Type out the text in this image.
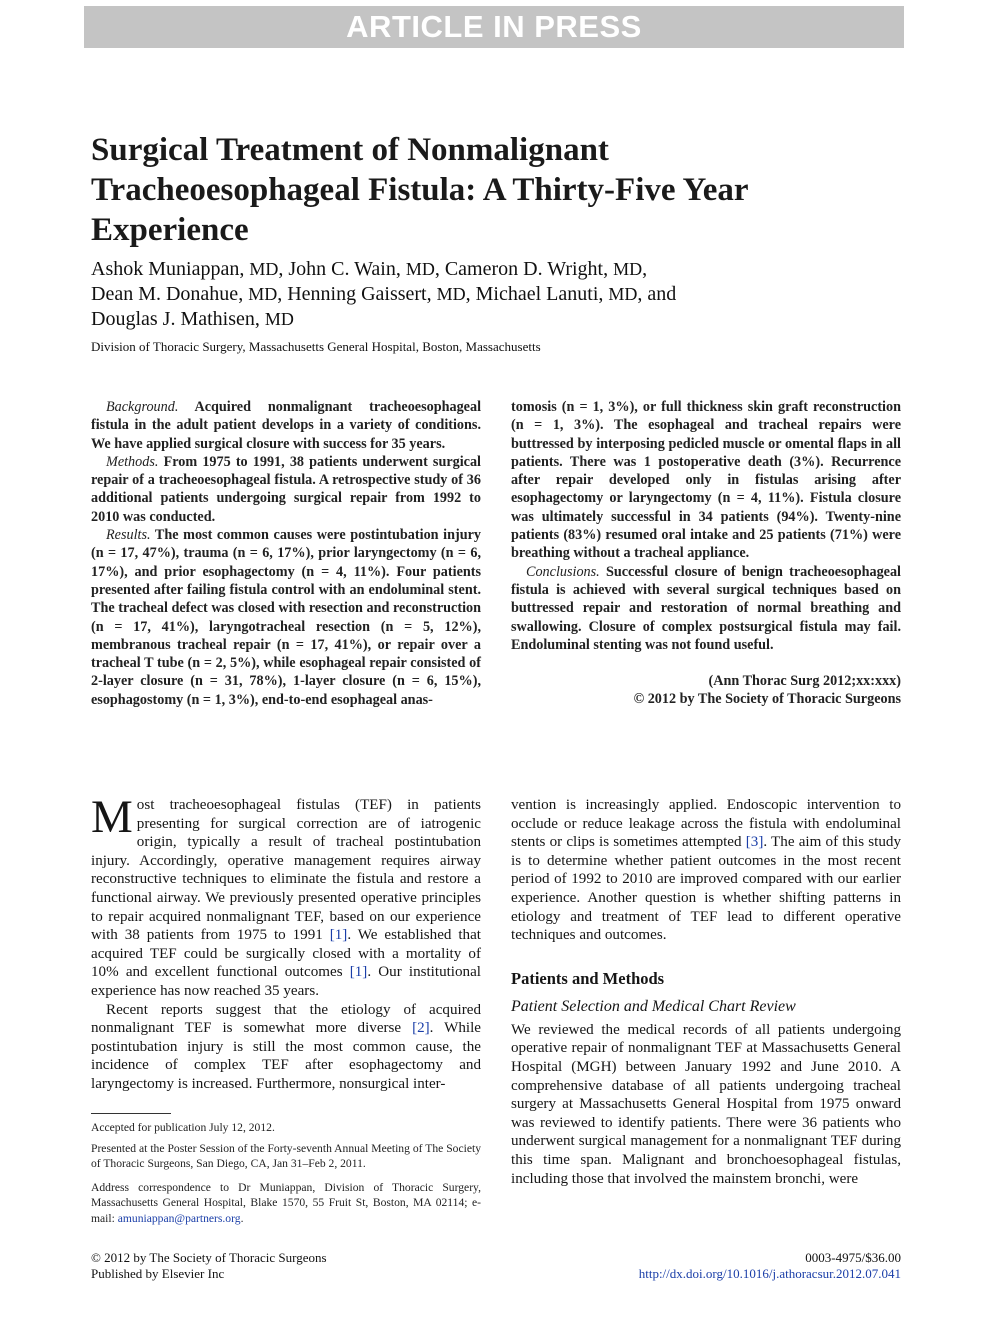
ARTICLE IN PRESS
Surgical Treatment of Nonmalignant Tracheoesophageal Fistula: A Thirty-Five Year Experience
Ashok Muniappan, MD, John C. Wain, MD, Cameron D. Wright, MD,
Dean M. Donahue, MD, Henning Gaissert, MD, Michael Lanuti, MD, and
Douglas J. Mathisen, MD
Division of Thoracic Surgery, Massachusetts General Hospital, Boston, Massachusetts

Background. Acquired nonmalignant tracheoesophageal fistula in the adult patient develops in a variety of conditions. We have applied surgical closure with success for 35 years.

Methods. From 1975 to 1991, 38 patients underwent surgical repair of a tracheoesophageal fistula. A retrospective study of 36 additional patients undergoing surgical repair from 1992 to 2010 was conducted.

Results. The most common causes were postintubation injury (n = 17, 47%), trauma (n = 6, 17%), prior laryngectomy (n = 6, 17%), and prior esophagectomy (n = 4, 11%). Four patients presented after failing fistula control with an endoluminal stent. The tracheal defect was closed with resection and reconstruction (n = 17, 41%), laryngotracheal resection (n = 5, 12%), membranous tracheal repair (n = 17, 41%), or repair over a tracheal T tube (n = 2, 5%), while esophageal repair consisted of 2-layer closure (n = 31, 78%), 1-layer closure (n = 6, 15%), esophagostomy (n = 1, 3%), end-to-end esophageal anas-

tomosis (n = 1, 3%), or full thickness skin graft reconstruction (n = 1, 3%). The esophageal and tracheal repairs were buttressed by interposing pedicled muscle or omental flaps in all patients. There was 1 postoperative death (3%). Recurrence after repair developed only in fistulas arising after esophagectomy or laryngectomy (n = 4, 11%). Fistula closure was ultimately successful in 34 patients (94%). Twenty-nine patients (83%) resumed oral intake and 25 patients (71%) were breathing without a tracheal appliance.

Conclusions. Successful closure of benign tracheoesophageal fistula is achieved with several surgical techniques based on buttressed repair and restoration of normal breathing and swallowing. Closure of complex postsurgical fistula may fail. Endoluminal stenting was not found useful.

(Ann Thorac Surg 2012;xx:xxx)
© 2012 by The Society of Thoracic Surgeons

Most tracheoesophageal fistulas (TEF) in patients presenting for surgical correction are of iatrogenic origin, typically a result of tracheal postintubation injury. Accordingly, operative management requires airway reconstructive techniques to eliminate the fistula and restore a functional airway. We previously presented operative principles to repair acquired nonmalignant TEF, based on our experience with 38 patients from 1975 to 1991 [1]. We established that acquired TEF could be surgically closed with a mortality of 10% and excellent functional outcomes [1]. Our institutional experience has now reached 35 years.

Recent reports suggest that the etiology of acquired nonmalignant TEF is somewhat more diverse [2]. While postintubation injury is still the most common cause, the incidence of complex TEF after esophagectomy and laryngectomy is increased. Furthermore, nonsurgical inter-

Accepted for publication July 12, 2012.
Presented at the Poster Session of the Forty-seventh Annual Meeting of The Society of Thoracic Surgeons, San Diego, CA, Jan 31–Feb 2, 2011.
Address correspondence to Dr Muniappan, Division of Thoracic Surgery, Massachusetts General Hospital, Blake 1570, 55 Fruit St, Boston, MA 02114; e-mail: amuniappan@partners.org.

vention is increasingly applied. Endoscopic intervention to occlude or reduce leakage across the fistula with endoluminal stents or clips is sometimes attempted [3]. The aim of this study is to determine whether patient outcomes in the most recent period of 1992 to 2010 are improved compared with our earlier experience. Another question is whether shifting patterns in etiology and treatment of TEF lead to different operative techniques and outcomes.

Patients and Methods
Patient Selection and Medical Chart Review

We reviewed the medical records of all patients undergoing operative repair of nonmalignant TEF at Massachusetts General Hospital (MGH) between January 1992 and June 2010. A comprehensive database of all patients undergoing tracheal surgery at Massachusetts General Hospital from 1975 onward was reviewed to identify patients. There were 36 patients who underwent surgical management for a nonmalignant TEF during this time span. Malignant and bronchoesophageal fistulas, including those that involved the mainstem bronchi, were

© 2012 by The Society of Thoracic Surgeons
Published by Elsevier Inc
0003-4975/$36.00
http://dx.doi.org/10.1016/j.athoracsur.2012.07.041
